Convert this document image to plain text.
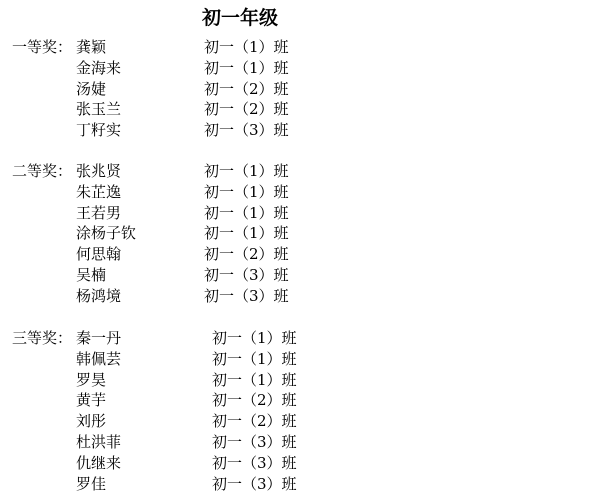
初一年级
一等奖： 龚颖	初一（1）班
金海来	初一（1）班
汤婕	初一（2）班
张玉兰	初一（2）班
丁籽实	初一（3）班
二等奖： 张兆贤	初一（1）班
朱芷逸	初一（1）班
王若男	初一（1）班
涂杨子钦	初一（1）班
何思翰	初一（2）班
吴楠	初一（3）班
杨鸿境	初一（3）班
三等奖： 秦一丹	初一（1）班
韩佩芸	初一（1）班
罗昊	初一（1）班
黄芋	初一（2）班
刘彤	初一（2）班
杜洪菲	初一（3）班
仇继来	初一（3）班
罗佳	初一（3）班
